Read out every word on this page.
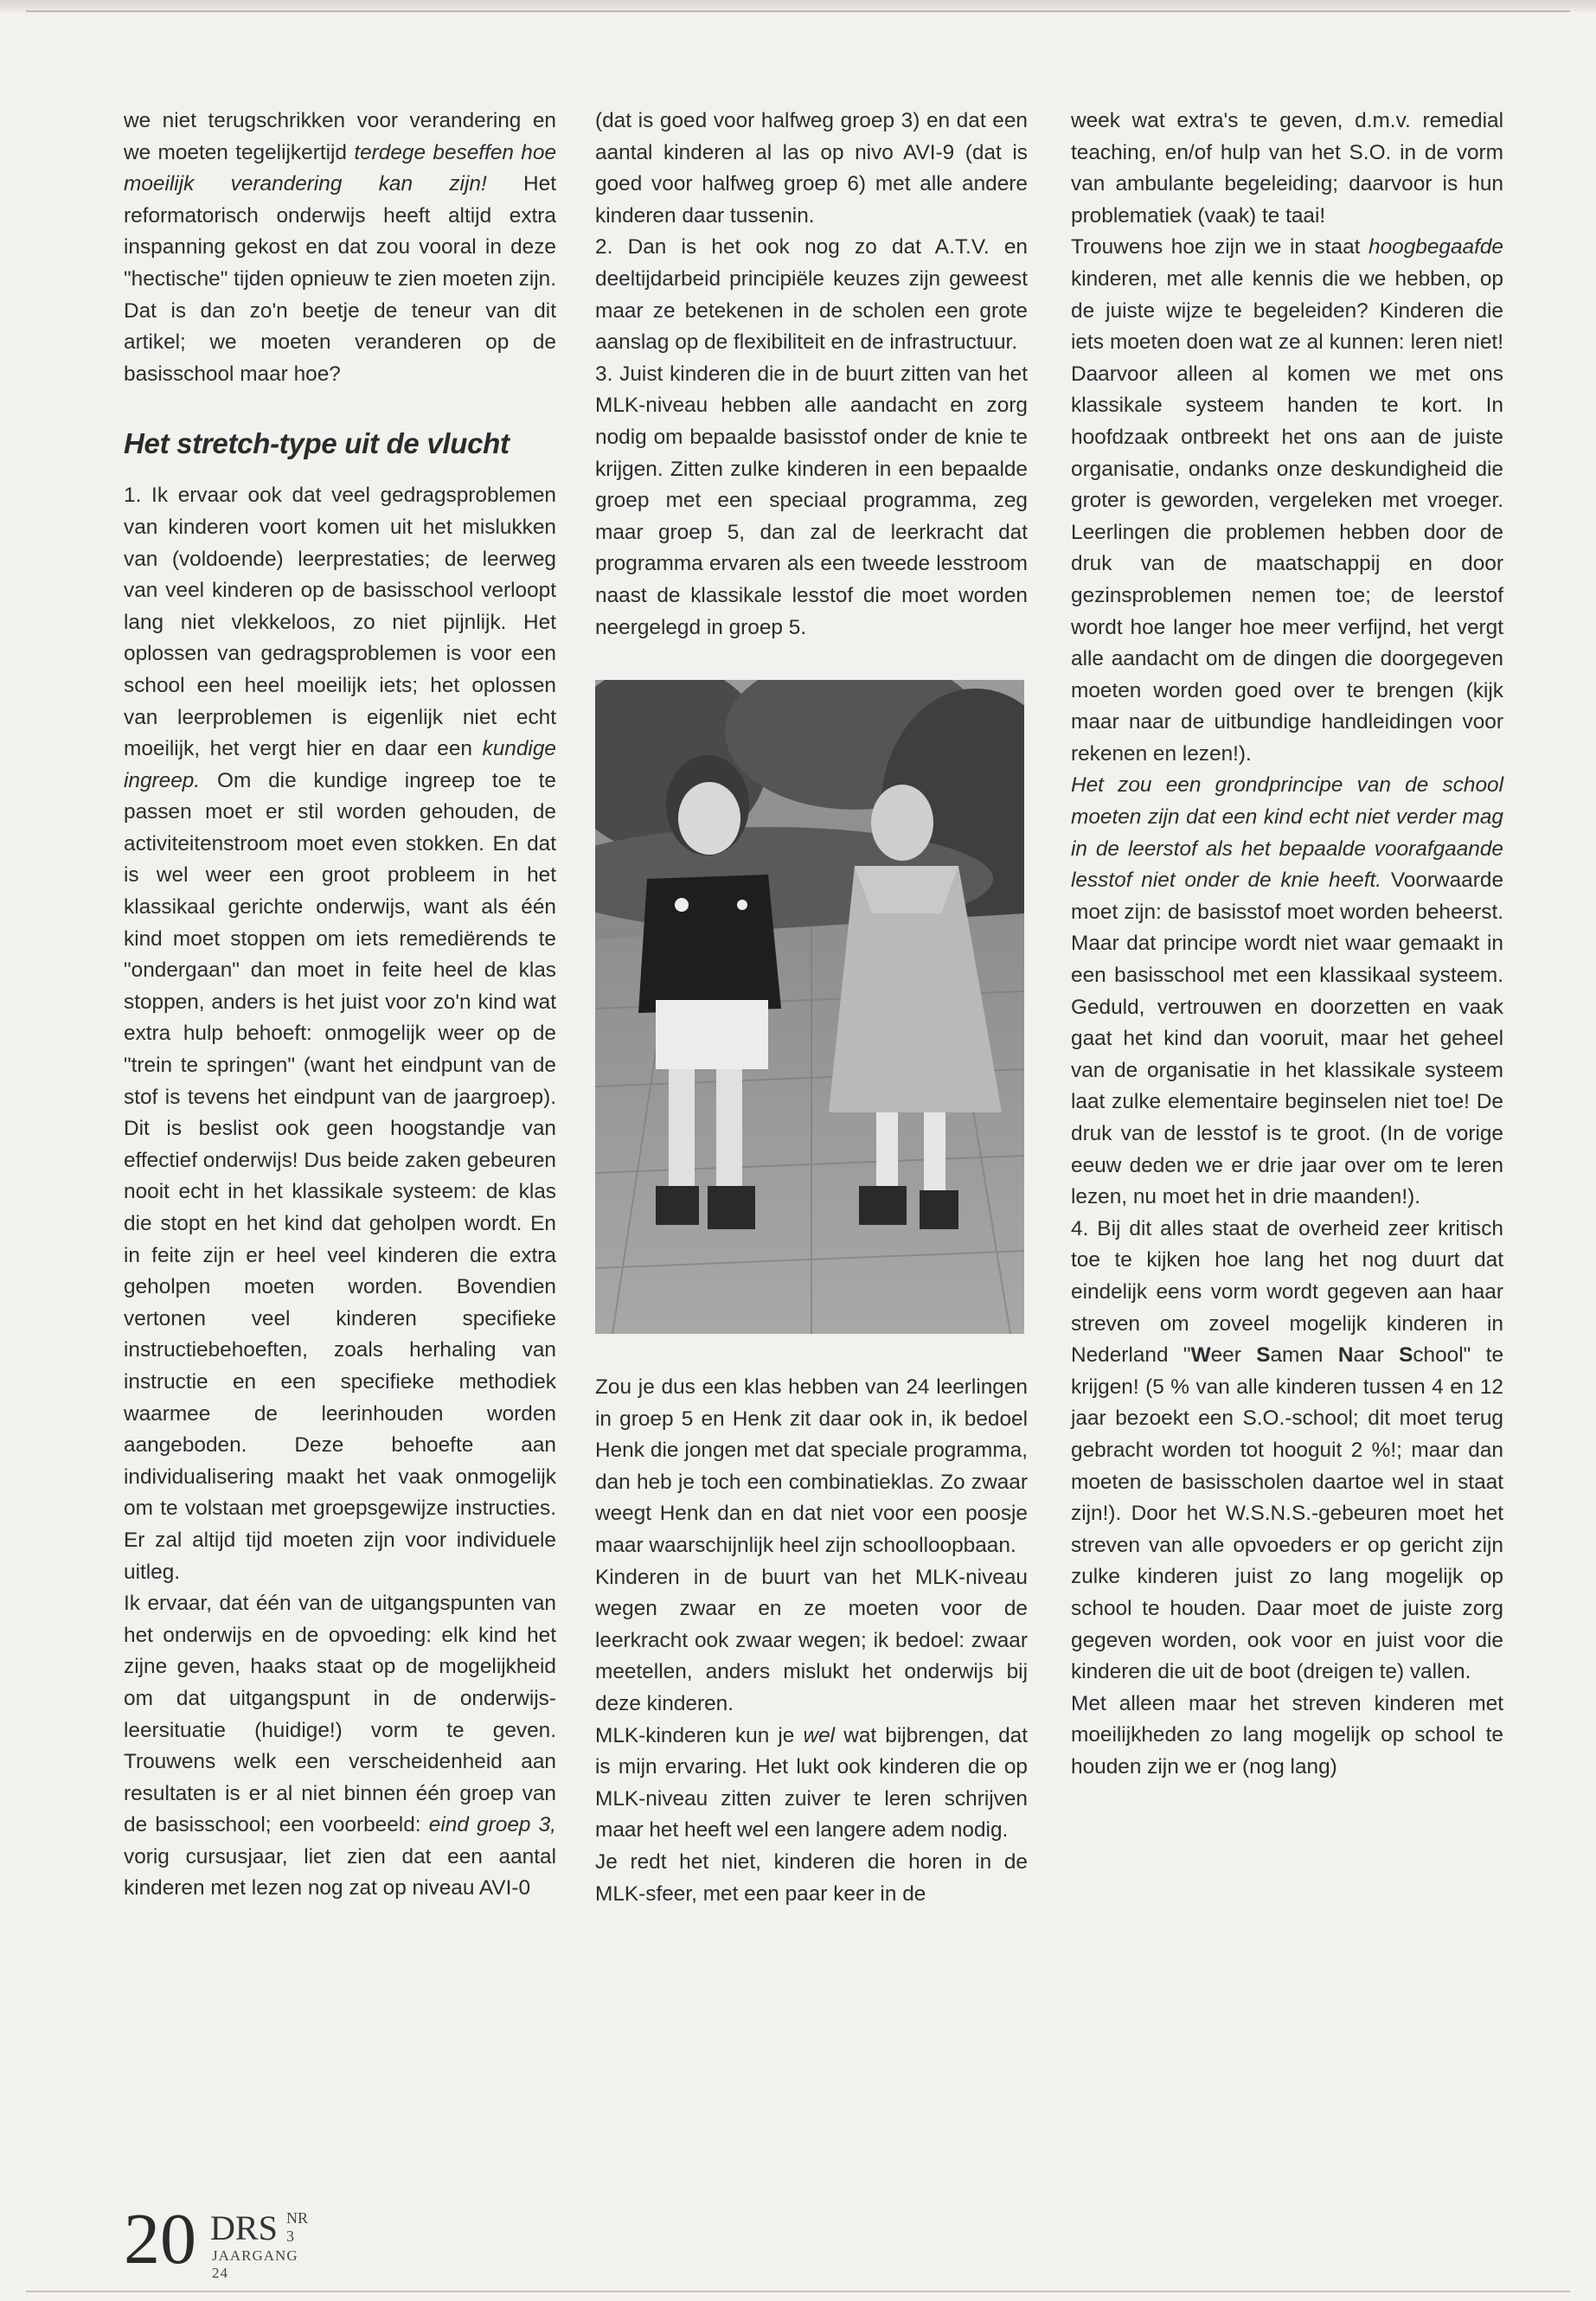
we niet terugschrikken voor verandering en we moeten tegelijkertijd terdege beseffen hoe moeilijk verandering kan zijn! Het reformatorisch onderwijs heeft altijd extra inspanning gekost en dat zou vooral in deze "hectische" tijden opnieuw te zien moeten zijn.

Dat is dan zo'n beetje de teneur van dit artikel; we moeten veranderen op de basisschool maar hoe?

Het stretch-type uit de vlucht

1. Ik ervaar ook dat veel gedragsproblemen van kinderen voort komen uit het mislukken van (voldoende) leerprestaties; de leerweg van veel kinderen op de basisschool verloopt lang niet vlekkeloos, zo niet pijnlijk. Het oplossen van gedragsproblemen is voor een school een heel moeilijk iets; het oplossen van leerproblemen is eigenlijk niet echt moeilijk, het vergt hier en daar een kundige ingreep. Om die kundige ingreep toe te passen moet er stil worden gehouden, de activiteitenstroom moet even stokken. En dat is wel weer een groot probleem in het klassikaal gerichte onderwijs, want als één kind moet stoppen om iets remediërends te "ondergaan" dan moet in feite heel de klas stoppen, anders is het juist voor zo'n kind wat extra hulp behoeft: onmogelijk weer op de "trein te springen" (want het eindpunt van de stof is tevens het eindpunt van de jaargroep). Dit is beslist ook geen hoogstandje van effectief onderwijs! Dus beide zaken gebeuren nooit echt in het klassikale systeem: de klas die stopt en het kind dat geholpen wordt. En in feite zijn er heel veel kinderen die extra geholpen moeten worden. Bovendien vertonen veel kinderen specifieke instructiebehoeften, zoals herhaling van instructie en een specifieke methodiek waarmee de leerinhouden worden aangeboden. Deze behoefte aan individualisering maakt het vaak onmogelijk om te volstaan met groepsgewijze instructies. Er zal altijd tijd moeten zijn voor individuele uitleg.

Ik ervaar, dat één van de uitgangspunten van het onderwijs en de opvoeding: elk kind het zijne geven, haaks staat op de mogelijkheid om dat uitgangspunt in de onderwijs-leersituatie (huidige!) vorm te geven. Trouwens welk een verscheidenheid aan resultaten is er al niet binnen één groep van de basisschool; een voorbeeld: eind groep 3, vorig cursusjaar, liet zien dat een aantal kinderen met lezen nog zat op niveau AVI-0

(dat is goed voor halfweg groep 3) en dat een aantal kinderen al las op nivo AVI-9 (dat is goed voor halfweg groep 6) met alle andere kinderen daar tussenin.

2. Dan is het ook nog zo dat A.T.V. en deeltijdarbeid principiële keuzes zijn geweest maar ze betekenen in de scholen een grote aanslag op de flexibiliteit en de infrastructuur.

3. Juist kinderen die in de buurt zitten van het MLK-niveau hebben alle aandacht en zorg nodig om bepaalde basisstof onder de knie te krijgen. Zitten zulke kinderen in een bepaalde groep met een speciaal programma, zeg maar groep 5, dan zal de leerkracht dat programma ervaren als een tweede lesstroom naast de klassikale lesstof die moet worden neergelegd in groep 5.

Zou je dus een klas hebben van 24 leerlingen in groep 5 en Henk zit daar ook in, ik bedoel Henk die jongen met dat speciale programma, dan heb je toch een combinatieklas. Zo zwaar weegt Henk dan en dat niet voor een poosje maar waarschijnlijk heel zijn schoolloopbaan.

Kinderen in de buurt van het MLK-niveau wegen zwaar en ze moeten voor de leerkracht ook zwaar wegen; ik bedoel: zwaar meetellen, anders mislukt het onderwijs bij deze kinderen.

MLK-kinderen kun je wel wat bijbrengen, dat is mijn ervaring. Het lukt ook kinderen die op MLK-niveau zitten zuiver te leren schrijven maar het heeft wel een langere adem nodig.

Je redt het niet, kinderen die horen in de MLK-sfeer, met een paar keer in de

week wat extra's te geven, d.m.v. remedial teaching, en/of hulp van het S.O. in de vorm van ambulante begeleiding; daarvoor is hun problematiek (vaak) te taai!

Trouwens hoe zijn we in staat hoogbegaafde kinderen, met alle kennis die we hebben, op de juiste wijze te begeleiden? Kinderen die iets moeten doen wat ze al kunnen: leren niet! Daarvoor alleen al komen we met ons klassikale systeem handen te kort. In hoofdzaak ontbreekt het ons aan de juiste organisatie, ondanks onze deskundigheid die groter is geworden, vergeleken met vroeger. Leerlingen die problemen hebben door de druk van de maatschappij en door gezinsproblemen nemen toe; de leerstof wordt hoe langer hoe meer verfijnd, het vergt alle aandacht om de dingen die doorgegeven moeten worden goed over te brengen (kijk maar naar de uitbundige handleidingen voor rekenen en lezen!).

Het zou een grondprincipe van de school moeten zijn dat een kind echt niet verder mag in de leerstof als het bepaalde voorafgaande lesstof niet onder de knie heeft. Voorwaarde moet zijn: de basisstof moet worden beheerst. Maar dat principe wordt niet waar gemaakt in een basisschool met een klassikaal systeem. Geduld, vertrouwen en doorzetten en vaak gaat het kind dan vooruit, maar het geheel van de organisatie in het klassikale systeem laat zulke elementaire beginselen niet toe! De druk van de lesstof is te groot. (In de vorige eeuw deden we er drie jaar over om te leren lezen, nu moet het in drie maanden!).

4. Bij dit alles staat de overheid zeer kritisch toe te kijken hoe lang het nog duurt dat eindelijk eens vorm wordt gegeven aan haar streven om zoveel mogelijk kinderen in Nederland "Weer Samen Naar School" te krijgen! (5 % van alle kinderen tussen 4 en 12 jaar bezoekt een S.O.-school; dit moet terug gebracht worden tot hooguit 2 %!; maar dan moeten de basisscholen daartoe wel in staat zijn!). Door het W.S.N.S.-gebeuren moet het streven van alle opvoeders er op gericht zijn zulke kinderen juist zo lang mogelijk op school te houden. Daar moet de juiste zorg gegeven worden, ook voor en juist voor die kinderen die uit de boot (dreigen te) vallen.

Met alleen maar het streven kinderen met moeilijkheden zo lang mogelijk op school te houden zijn we er (nog lang)

20 DRS NR 3
JAARGANG 24
